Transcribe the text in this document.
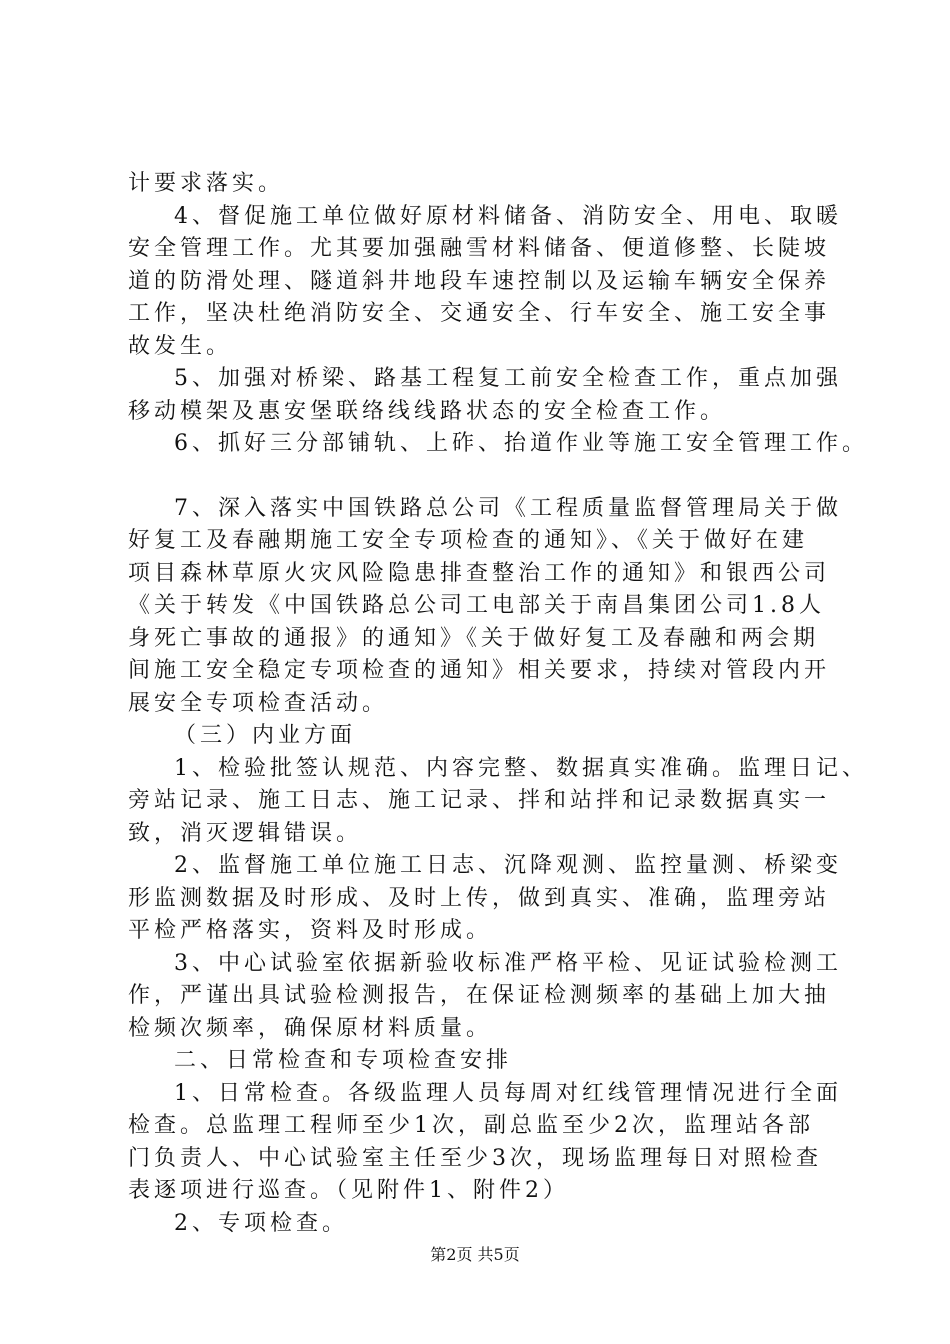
计要求落实。
4、督促施工单位做好原材料储备、消防安全、用电、取暖
安全管理工作。尤其要加强融雪材料储备、便道修整、长陡坡
道的防滑处理、隧道斜井地段车速控制以及运输车辆安全保养
工作，坚决杜绝消防安全、交通安全、行车安全、施工安全事
故发生。
5、加强对桥梁、路基工程复工前安全检查工作，重点加强
移动模架及惠安堡联络线线路状态的安全检查工作。
6、抓好三分部铺轨、上砟、抬道作业等施工安全管理工作。
7、深入落实中国铁路总公司《工程质量监督管理局关于做
好复工及春融期施工安全专项检查的通知》、《关于做好在建
项目森林草原火灾风险隐患排查整治工作的通知》和银西公司
《关于转发《中国铁路总公司工电部关于南昌集团公司1.8人
身死亡事故的通报》的通知》《关于做好复工及春融和两会期
间施工安全稳定专项检查的通知》相关要求，持续对管段内开
展安全专项检查活动。
（三）内业方面
1、检验批签认规范、内容完整、数据真实准确。监理日记、
旁站记录、施工日志、施工记录、拌和站拌和记录数据真实一
致，消灭逻辑错误。
2、监督施工单位施工日志、沉降观测、监控量测、桥梁变
形监测数据及时形成、及时上传，做到真实、准确，监理旁站
平检严格落实，资料及时形成。
3、中心试验室依据新验收标准严格平检、见证试验检测工
作，严谨出具试验检测报告，在保证检测频率的基础上加大抽
检频次频率，确保原材料质量。
二、日常检查和专项检查安排
1、日常检查。各级监理人员每周对红线管理情况进行全面
检查。总监理工程师至少1次，副总监至少2次，监理站各部
门负责人、中心试验室主任至少3次，现场监理每日对照检查
表逐项进行巡查。（见附件1、附件2）
2、专项检查。
第2页 共5页
